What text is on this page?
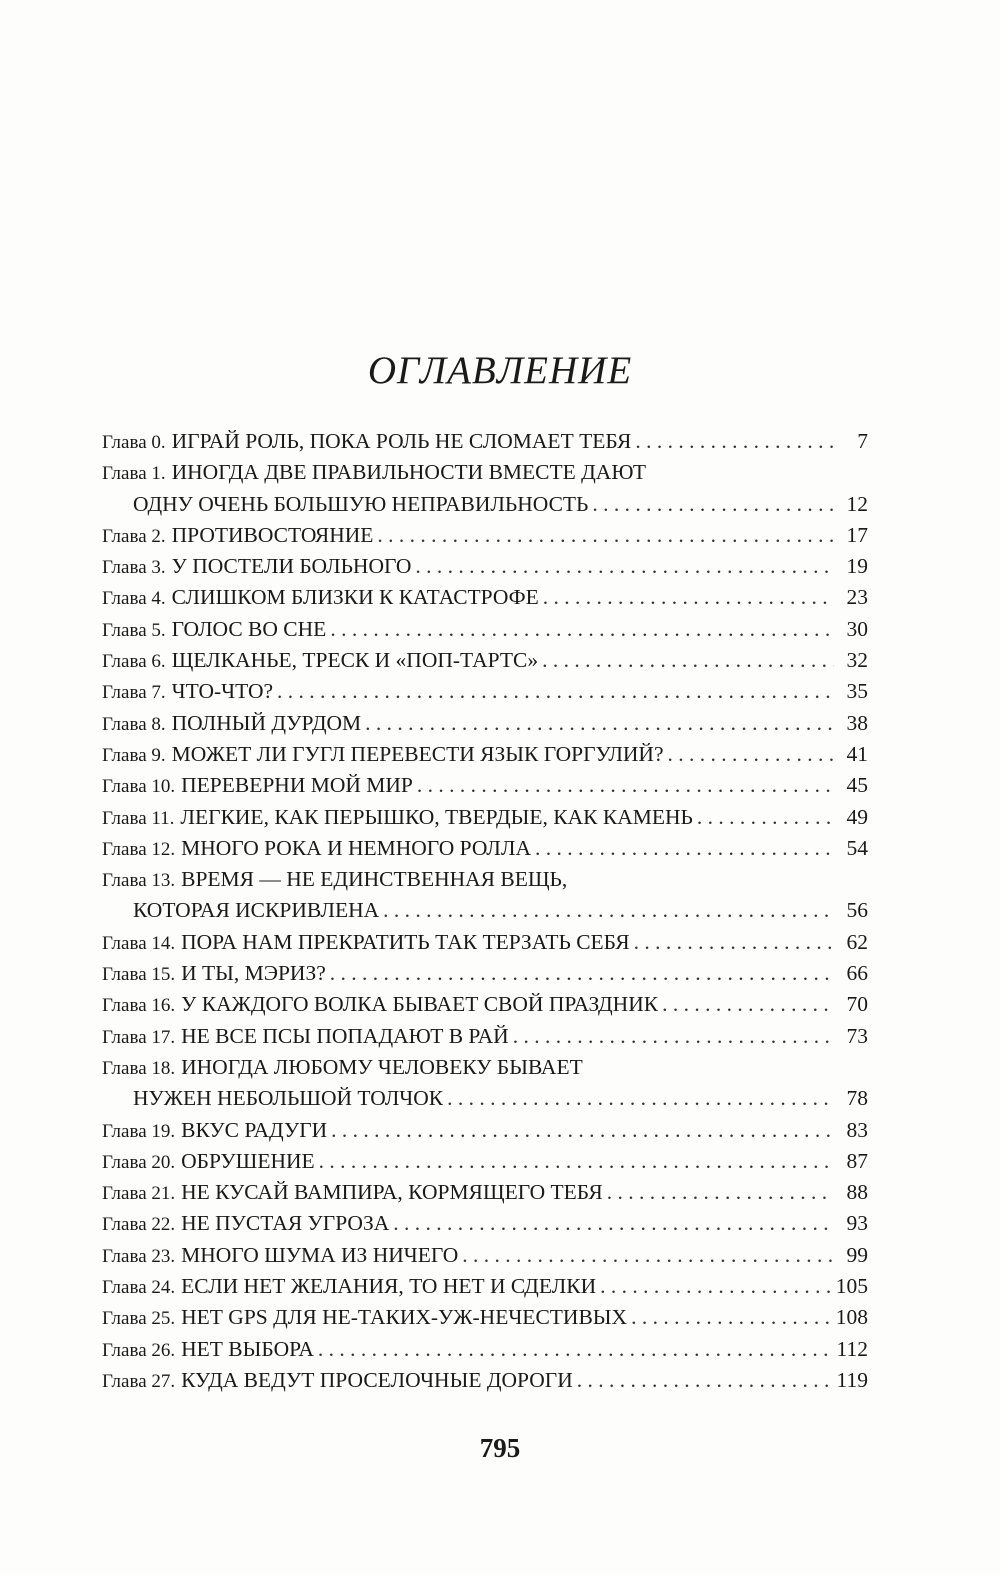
ОГЛАВЛЕНИЕ
Глава 0. ИГРАЙ РОЛЬ, ПОКА РОЛЬ НЕ СЛОМАЕТ ТЕБЯ . . .	7
Глава 1. ИНОГДА ДВЕ ПРАВИЛЬНОСТИ ВМЕСТЕ ДАЮТ
ОДНУ ОЧЕНЬ БОЛЬШУЮ НЕПРАВИЛЬНОСТЬ . . .	12
Глава 2. ПРОТИВОСТОЯНИЕ . . .	17
Глава 3. У ПОСТЕЛИ БОЛЬНОГО . . .	19
Глава 4. СЛИШКОМ БЛИЗКИ К КАТАСТРОФЕ . . .	23
Глава 5. ГОЛОС ВО СНЕ . . .	30
Глава 6. ЩЕЛКАНЬЕ, ТРЕСК И «ПОП-ТАРТС» . . .	32
Глава 7. ЧТО-ЧТО? . . .	35
Глава 8. ПОЛНЫЙ ДУРДОМ . . .	38
Глава 9. МОЖЕТ ЛИ ГУГЛ ПЕРЕВЕСТИ ЯЗЫК ГОРГУЛИЙ? . . .	41
Глава 10. ПЕРЕВЕРНИ МОЙ МИР . . .	45
Глава 11. ЛЕГКИЕ, КАК ПЕРЫШКО, ТВЕРДЫЕ, КАК КАМЕНЬ . . .	49
Глава 12. МНОГО РОКА И НЕМНОГО РОЛЛА . . .	54
Глава 13. ВРЕМЯ — НЕ ЕДИНСТВЕННАЯ ВЕЩЬ,
КОТОРАЯ ИСКРИВЛЕНА . . .	56
Глава 14. ПОРА НАМ ПРЕКРАТИТЬ ТАК ТЕРЗАТЬ СЕБЯ . . .	62
Глава 15. И ТЫ, МЭРИЗ? . . .	66
Глава 16. У КАЖДОГО ВОЛКА БЫВАЕТ СВОЙ ПРАЗДНИК . . .	70
Глава 17. НЕ ВСЕ ПСЫ ПОПАДАЮТ В РАЙ . . .	73
Глава 18. ИНОГДА ЛЮБОМУ ЧЕЛОВЕКУ БЫВАЕТ
НУЖЕН НЕБОЛЬШОЙ ТОЛЧОК . . .	78
Глава 19. ВКУС РАДУГИ . . .	83
Глава 20. ОБРУШЕНИЕ . . .	87
Глава 21. НЕ КУСАЙ ВАМПИРА, КОРМЯЩЕГО ТЕБЯ . . .	88
Глава 22. НЕ ПУСТАЯ УГРОЗА . . .	93
Глава 23. МНОГО ШУМА ИЗ НИЧЕГО . . .	99
Глава 24. ЕСЛИ НЕТ ЖЕЛАНИЯ, ТО НЕТ И СДЕЛКИ . . .	105
Глава 25. НЕТ GPS ДЛЯ НЕ-ТАКИХ-УЖ-НЕЧЕСТИВЫХ . . .	108
Глава 26. НЕТ ВЫБОРА . . .	112
Глава 27. КУДА ВЕДУТ ПРОСЕЛОЧНЫЕ ДОРОГИ . . .	119

795
